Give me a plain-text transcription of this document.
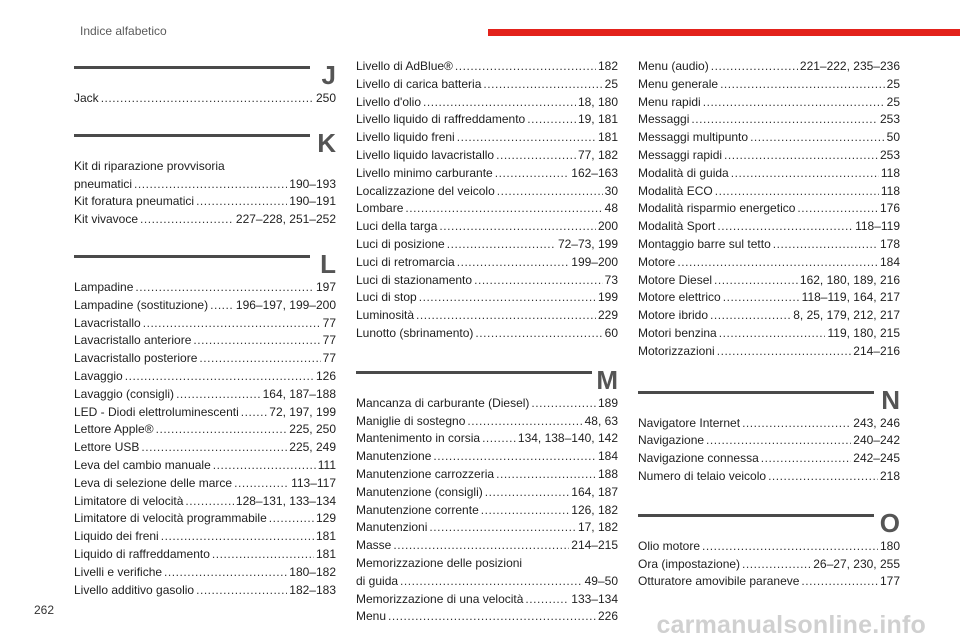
Indice alfabetico
J
Jack . . .	250
K
Kit di riparazione provvisoria
pneumatici . . .	190–193
Kit foratura pneumatici . . .	190–191
Kit vivavoce . . .	227–228, 251–252
L
Lampadine . . .	197
Lampadine (sostituzione) . . . 196–197, 199–200
Lavacristallo . . .	77
Lavacristallo anteriore . . .	77
Lavacristallo posteriore . . .	77
Lavaggio . . .	126
Lavaggio (consigli) . . .	164, 187–188
LED - Diodi elettroluminescenti . . .	72, 197, 199
Lettore Apple® . . .	225, 250
Lettore USB . . .	225, 249
Leva del cambio manuale . . .	111
Leva di selezione delle marce . . .	113–117
Limitatore di velocità . . .	128–131, 133–134
Limitatore di velocità programmabile . . .	129
Liquido dei freni . . .	181
Liquido di raffreddamento . . .	181
Livelli e verifiche . . .	180–182
Livello additivo gasolio . . .	182–183
Livello di AdBlue® . . .	182
Livello di carica batteria . . .	25
Livello d'olio . . .	18, 180
Livello liquido di raffreddamento . . .	19, 181
Livello liquido freni . . .	181
Livello liquido lavacristallo . . .	77, 182
Livello minimo carburante . . .	162–163
Localizzazione del veicolo . . .	30
Lombare . . .	48
Luci della targa . . .	200
Luci di posizione . . .	72–73, 199
Luci di retromarcia . . .	199–200
Luci di stazionamento . . .	73
Luci di stop . . .	199
Luminosità . . .	229
Lunotto (sbrinamento) . . .	60
M
Mancanza di carburante (Diesel) . . .	189
Maniglie di sostegno . . .	48, 63
Mantenimento in corsia . . .	134, 138–140, 142
Manutenzione . . .	184
Manutenzione carrozzeria . . .	188
Manutenzione (consigli) . . .	164, 187
Manutenzione corrente . . .	126, 182
Manutenzioni . . .	17, 182
Masse . . .	214–215
Memorizzazione delle posizioni
di guida . . .	49–50
Memorizzazione di una velocità . . .	133–134
Menu . . .	226
Menu (audio) . . .	221–222, 235–236
Menu generale . . .	25
Menu rapidi . . .	25
Messaggi . . .	253
Messaggi multipunto . . .	50
Messaggi rapidi . . .	253
Modalità di guida . . .	118
Modalità ECO . . .	118
Modalità risparmio energetico . . .	176
Modalità Sport . . .	118–119
Montaggio barre sul tetto . . .	178
Motore . . .	184
Motore Diesel . . .	162, 180, 189, 216
Motore elettrico . . .	118–119, 164, 217
Motore ibrido . . .	8, 25, 179, 212, 217
Motori benzina . . .	119, 180, 215
Motorizzazioni . . .	214–216
N
Navigatore Internet . . .	243, 246
Navigazione . . .	240–242
Navigazione connessa . . .	242–245
Numero di telaio veicolo . . .	218
O
Olio motore . . .	180
Ora (impostazione) . . .	26–27, 230, 255
Otturatore amovibile paraneve . . .	177
262
carmanualsonline.info
